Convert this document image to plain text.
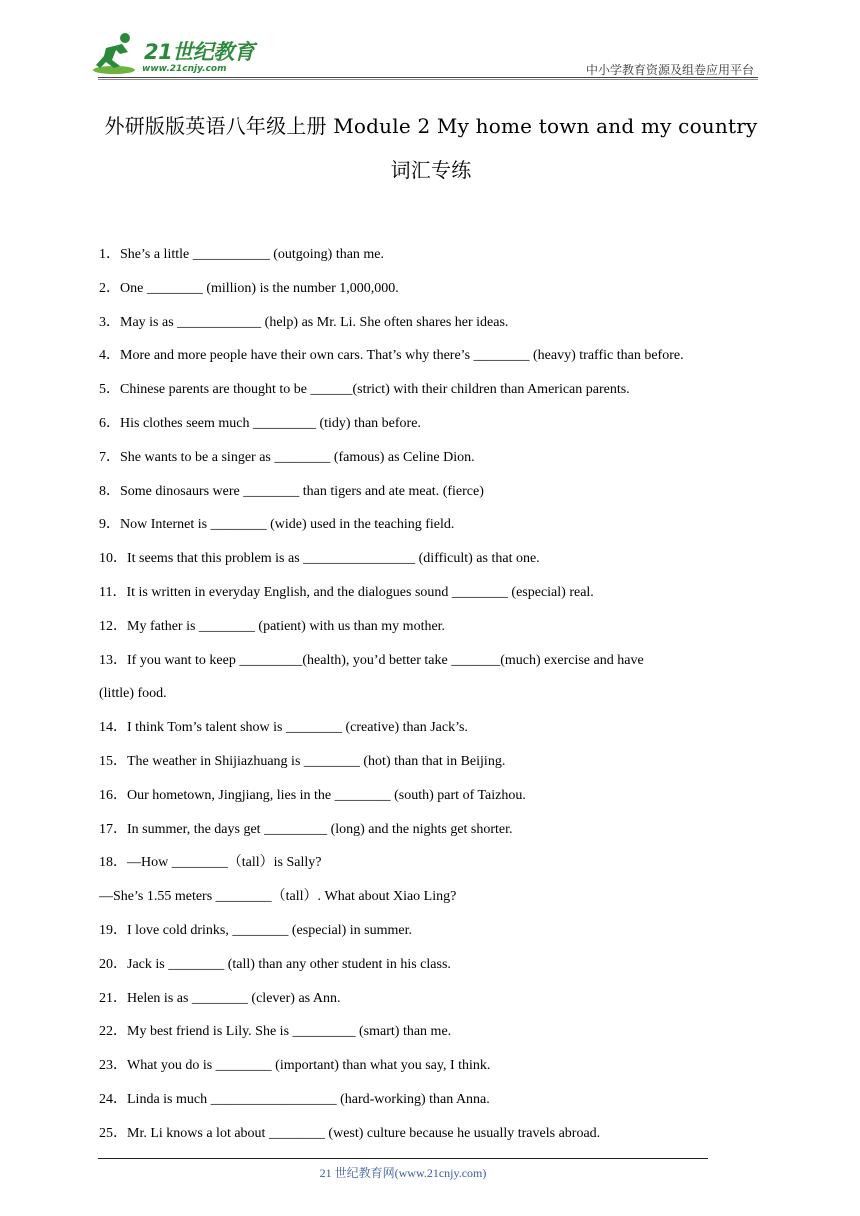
21世纪教育
www.21cnjy.com	中小学教育资源及组卷应用平台
外研版版英语八年级上册 Module 2 My home town and my country 词汇专练
1．She’s a little ___________ (outgoing) than me.
2．One ________ (million) is the number 1,000,000.
3．May is as ____________ (help) as Mr. Li. She often shares her ideas.
4．More and more people have their own cars. That’s why there’s ________ (heavy) traffic than before.
5．Chinese parents are thought to be ______(strict) with their children than American parents.
6．His clothes seem much _________ (tidy) than before.
7．She wants to be a singer as ________ (famous) as Celine Dion.
8．Some dinosaurs were ________ than tigers and ate meat. (fierce)
9．Now Internet is ________ (wide) used in the teaching field.
10．It seems that this problem is as ________________ (difficult) as that one.
11．It is written in everyday English, and the dialogues sound ________ (especial) real.
12．My father is ________ (patient) with us than my mother.
13．If you want to keep _________(health), you’d better take _______(much) exercise and have
(little) food.
14．I think Tom’s talent show is ________ (creative) than Jack’s.
15．The weather in Shijiazhuang is ________ (hot) than that in Beijing.
16．Our hometown, Jingjiang, lies in the ________ (south) part of Taizhou.
17．In summer, the days get _________ (long) and the nights get shorter.
18．—How ________（tall）is Sally?
—She’s 1.55 meters ________（tall）. What about Xiao Ling?
19．I love cold drinks, ________ (especial) in summer.
20．Jack is ________ (tall) than any other student in his class.
21．Helen is as ________ (clever) as Ann.
22．My best friend is Lily. She is _________ (smart) than me.
23．What you do is ________ (important) than what you say, I think.
24．Linda is much __________________ (hard-working) than Anna.
25．Mr. Li knows a lot about ________ (west) culture because he usually travels abroad.
21 世纪教育网(www.21cnjy.com)
